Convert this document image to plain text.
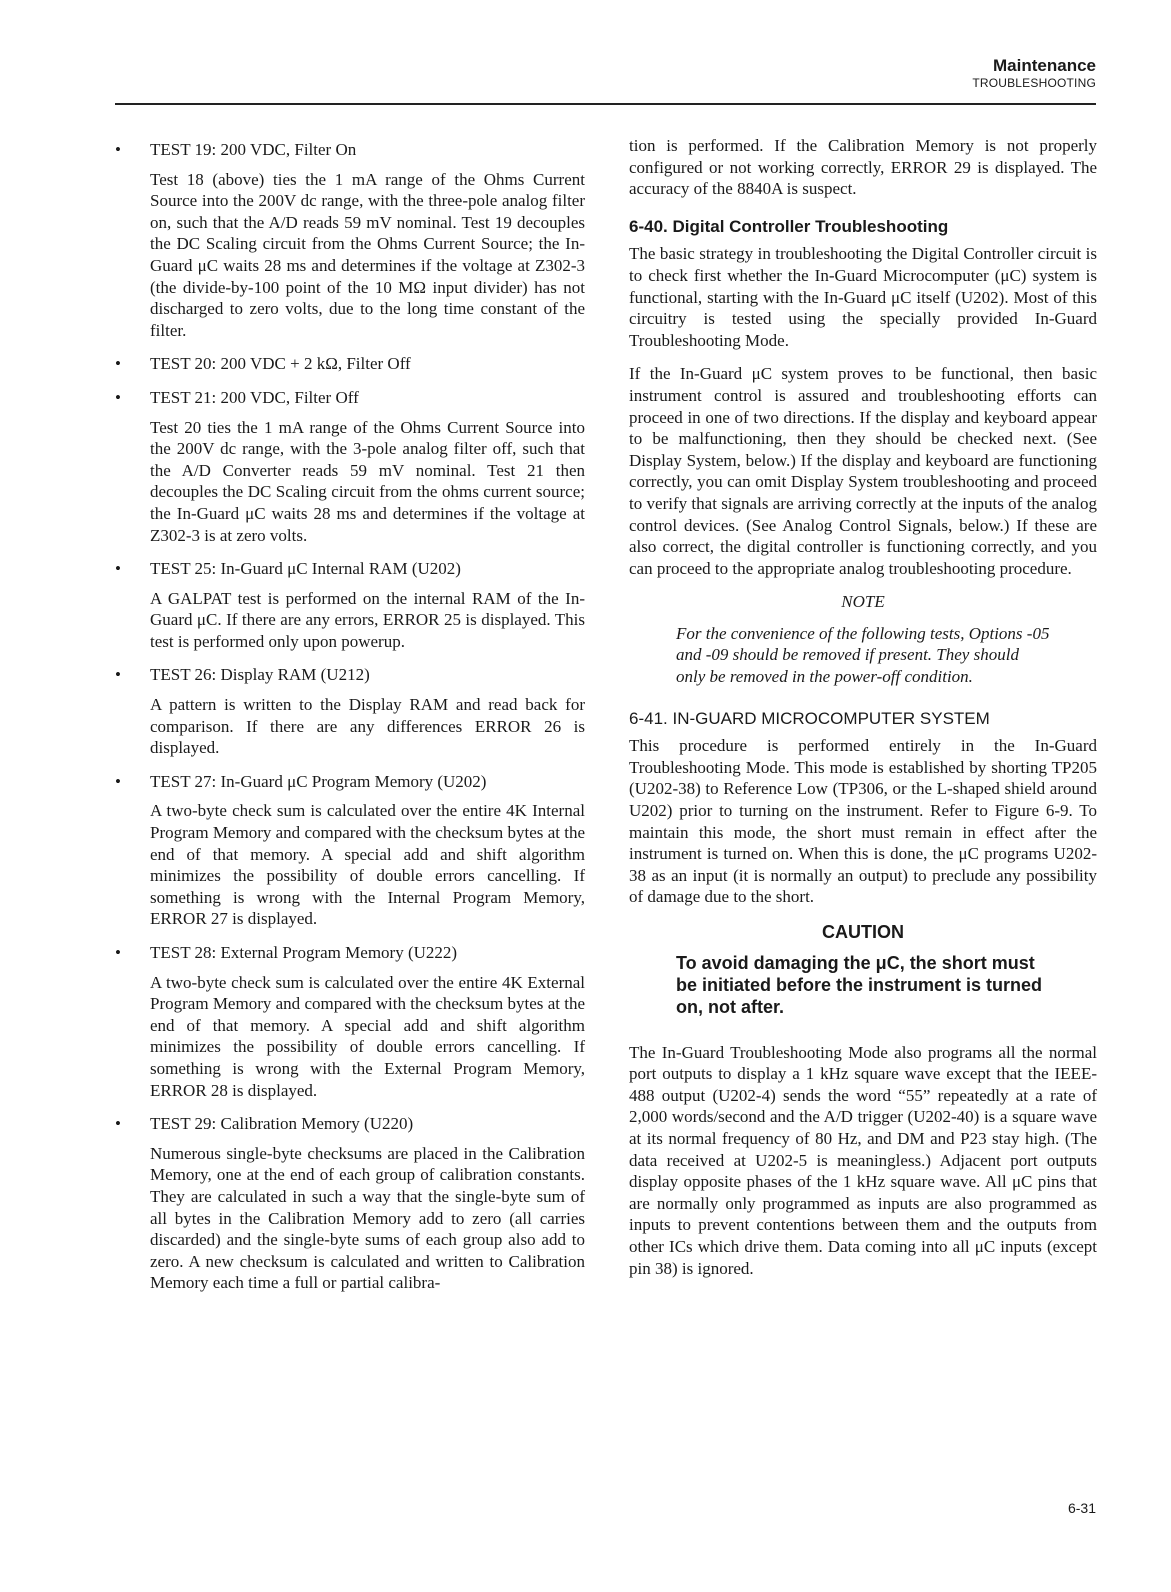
Maintenance
TROUBLESHOOTING
• TEST 19: 200 VDC, Filter On

Test 18 (above) ties the 1 mA range of the Ohms Current Source into the 200V dc range, with the three-pole analog filter on, such that the A/D reads 59 mV nominal. Test 19 decouples the DC Scaling circuit from the Ohms Current Source; the In-Guard μC waits 28 ms and determines if the voltage at Z302-3 (the divide-by-100 point of the 10 MΩ input divider) has not discharged to zero volts, due to the long time constant of the filter.

• TEST 20: 200 VDC + 2 kΩ, Filter Off
• TEST 21: 200 VDC, Filter Off

Test 20 ties the 1 mA range of the Ohms Current Source into the 200V dc range, with the 3-pole analog filter off, such that the A/D Converter reads 59 mV nominal. Test 21 then decouples the DC Scaling circuit from the ohms current source; the In-Guard μC waits 28 ms and determines if the voltage at Z302-3 is at zero volts.

• TEST 25: In-Guard μC Internal RAM (U202)

A GALPAT test is performed on the internal RAM of the In-Guard μC. If there are any errors, ERROR 25 is displayed. This test is performed only upon powerup.

• TEST 26: Display RAM (U212)

A pattern is written to the Display RAM and read back for comparison. If there are any differences ERROR 26 is displayed.

• TEST 27: In-Guard μC Program Memory (U202)

A two-byte check sum is calculated over the entire 4K Internal Program Memory and compared with the checksum bytes at the end of that memory. A special add and shift algorithm minimizes the possibility of double errors cancelling. If something is wrong with the Internal Program Memory, ERROR 27 is displayed.

• TEST 28: External Program Memory (U222)

A two-byte check sum is calculated over the entire 4K External Program Memory and compared with the checksum bytes at the end of that memory. A special add and shift algorithm minimizes the possibility of double errors cancelling. If something is wrong with the External Program Memory, ERROR 28 is displayed.

• TEST 29: Calibration Memory (U220)

Numerous single-byte checksums are placed in the Calibration Memory, one at the end of each group of calibration constants. They are calculated in such a way that the single-byte sum of all bytes in the Calibration Memory add to zero (all carries discarded) and the single-byte sums of each group also add to zero. A new checksum is calculated and written to Calibration Memory each time a full or partial calibra-

tion is performed. If the Calibration Memory is not properly configured or not working correctly, ERROR 29 is displayed. The accuracy of the 8840A is suspect.

6-40. Digital Controller Troubleshooting

The basic strategy in troubleshooting the Digital Controller circuit is to check first whether the In-Guard Microcomputer (μC) system is functional, starting with the In-Guard μC itself (U202). Most of this circuitry is tested using the specially provided In-Guard Troubleshooting Mode.

If the In-Guard μC system proves to be functional, then basic instrument control is assured and troubleshooting efforts can proceed in one of two directions. If the display and keyboard appear to be malfunctioning, then they should be checked next. (See Display System, below.) If the display and keyboard are functioning correctly, you can omit Display System troubleshooting and proceed to verify that signals are arriving correctly at the inputs of the analog control devices. (See Analog Control Signals, below.) If these are also correct, the digital controller is functioning correctly, and you can proceed to the appropriate analog troubleshooting procedure.

NOTE
For the convenience of the following tests, Options -05 and -09 should be removed if present. They should only be removed in the power-off condition.
6-41. IN-GUARD MICROCOMPUTER SYSTEM

This procedure is performed entirely in the In-Guard Troubleshooting Mode. This mode is established by shorting TP205 (U202-38) to Reference Low (TP306, or the L-shaped shield around U202) prior to turning on the instrument. Refer to Figure 6-9. To maintain this mode, the short must remain in effect after the instrument is turned on. When this is done, the μC programs U202-38 as an input (it is normally an output) to preclude any possibility of damage due to the short.

CAUTION
To avoid damaging the μC, the short must be initiated before the instrument is turned on, not after.

The In-Guard Troubleshooting Mode also programs all the normal port outputs to display a 1 kHz square wave except that the IEEE-488 output (U202-4) sends the word “55” repeatedly at a rate of 2,000 words/second and the A/D trigger (U202-40) is a square wave at its normal frequency of 80 Hz, and DM and P23 stay high. (The data received at U202-5 is meaningless.) Adjacent port outputs display opposite phases of the 1 kHz square wave. All μC pins that are normally only programmed as inputs are also programmed as inputs to prevent contentions between them and the outputs from other ICs which drive them. Data coming into all μC inputs (except pin 38) is ignored.

6-31
